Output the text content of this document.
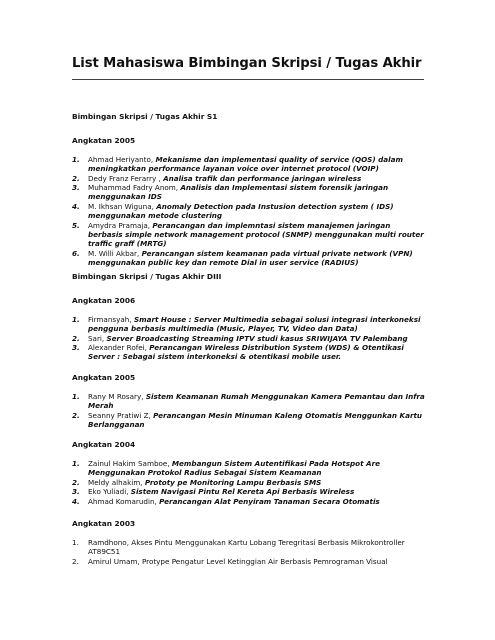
List Mahasiswa Bimbingan Skripsi / Tugas Akhir
Bimbingan Skripsi / Tugas Akhir S1
Angkatan 2005
1. Ahmad Heriyanto, Mekanisme dan implementasi quality of service (QOS) dalam meningkatkan performance layanan voice over internet protocol (VOIP)
2. Dedy Franz Ferarry , Analisa trafik dan performance jaringan wireless
3. Muhammad Fadry Anom, Analisis dan Implementasi sistem forensik jaringan menggunakan IDS
4. M. Ikhsan Wiguna, Anomaly Detection pada Instusion detection system ( IDS) menggunakan metode clustering
5. Amydra Pramaja, Perancangan dan implemntasi sistem manajemen jaringan berbasis simple network management protocol (SNMP) menggunakan multi router traffic graff (MRTG)
6. M. Willi Akbar, Perancangan sistem keamanan pada virtual private network (VPN) menggunakan public key dan remote Dial in user service (RADIUS)
Bimbingan Skripsi / Tugas Akhir DIII
Angkatan 2006
1. Firmansyah, Smart House : Server Multimedia sebagai solusi integrasi interkoneksi pengguna berbasis multimedia (Music, Player, TV, Video dan Data)
2. Sari, Server Broadcasting Streaming IPTV studi kasus SRIWIJAYA TV Palembang
3. Alexander Rofei, Perancangan Wireless Distribution System (WDS) & Otentikasi Server : Sebagai sistem interkoneksi & otentikasi mobile user.
Angkatan 2005
1. Rany M Rosary, Sistem Keamanan Rumah Menggunakan Kamera Pemantau dan Infra Merah
2. Seanny Pratiwi Z, Perancangan Mesin Minuman Kaleng Otomatis Menggunkan Kartu Berlangganan
Angkatan 2004
1. Zainul Hakim Samboe, Membangun Sistem Autentifikasi Pada Hotspot Are Menggunakan Protokol Radius Sebagai Sistem Keamanan
2. Meldy alhakim, Prototy pe Monitoring Lampu Berbasis SMS
3. Eko Yuliadi, Sistem Navigasi Pintu Rel Kereta Api Berbasis Wireless
4. Ahmad Komarudin, Perancangan Alat Penyiram Tanaman Secara Otomatis
Angkatan 2003
1. Ramdhono, Akses Pintu Menggunakan Kartu Lobang Teregritasi Berbasis Mikrokontroller AT89C51
2. Amirul Umam, Protype Pengatur Level Ketinggian Air Berbasis Pemrograman Visual
